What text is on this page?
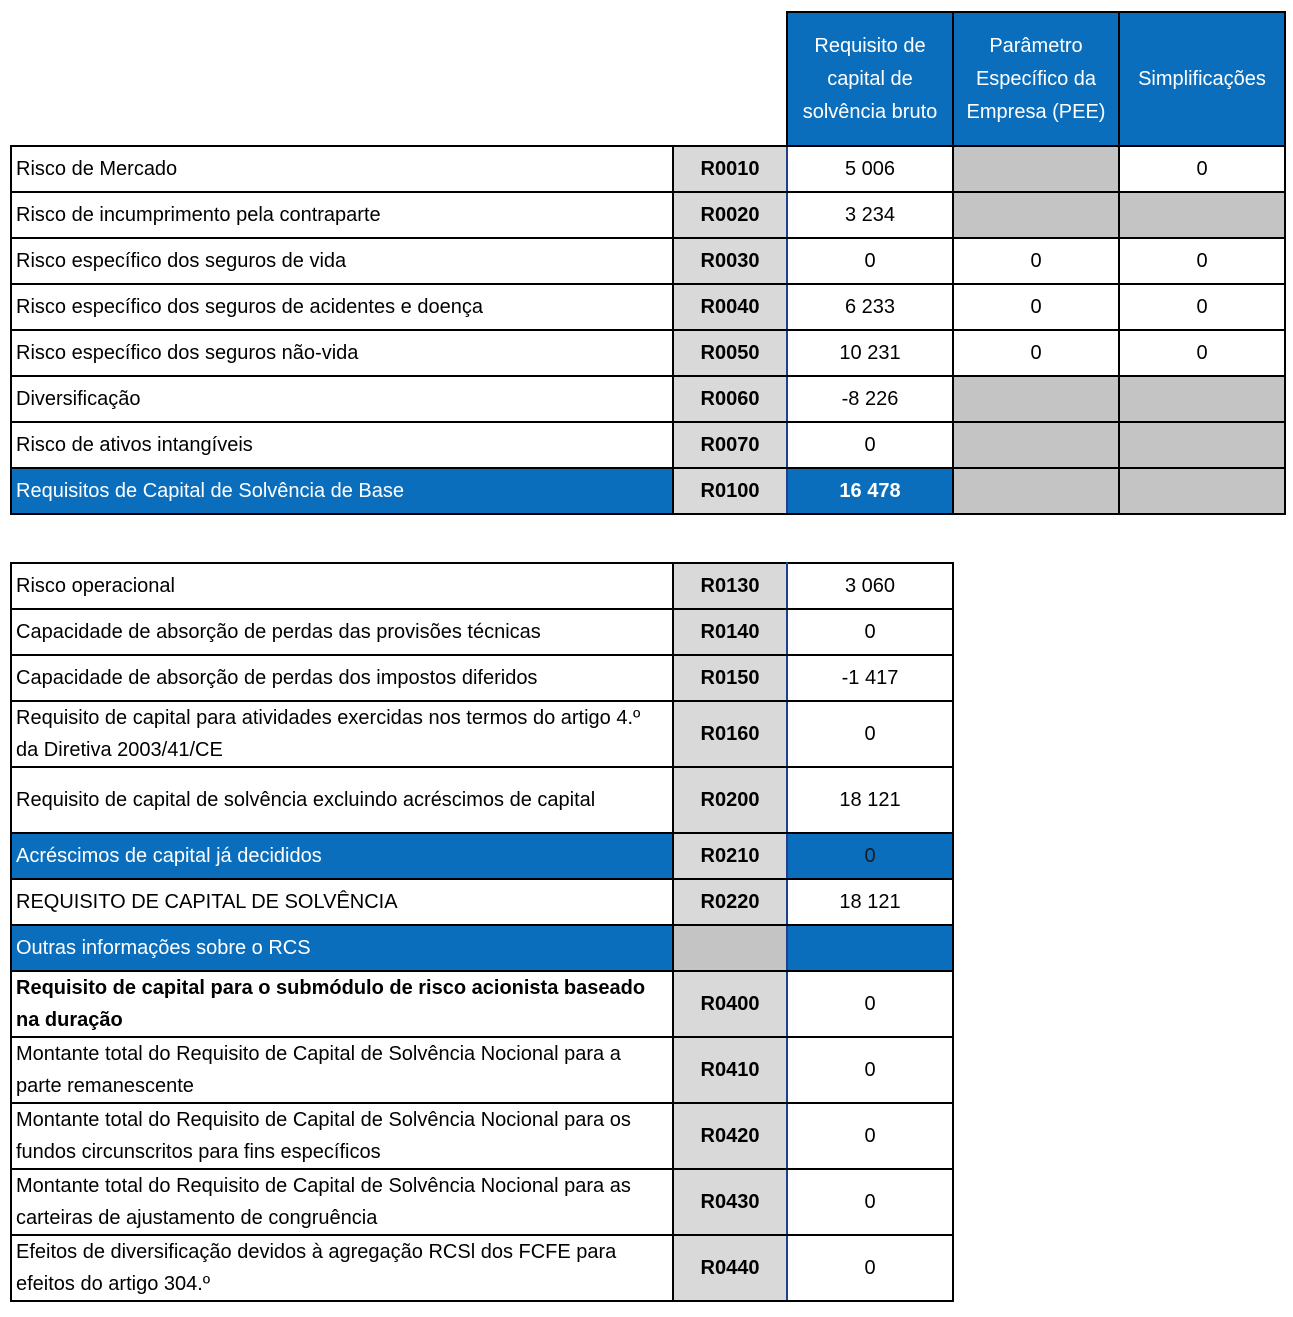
		Requisito de capital de solvência bruto	Parâmetro Específico da Empresa (PEE)	Simplificações
Risco de Mercado	R0010	5 006		0
Risco de incumprimento pela contraparte	R0020	3 234		
Risco específico dos seguros de vida	R0030	0	0	0
Risco específico dos seguros de acidentes e doença	R0040	6 233	0	0
Risco específico dos seguros não-vida	R0050	10 231	0	0
Diversificação	R0060	-8 226		
Risco de ativos intangíveis	R0070	0		
Requisitos de Capital de Solvência de Base	R0100	16 478		
Risco operacional	R0130	3 060
Capacidade de absorção de perdas das provisões técnicas	R0140	0
Capacidade de absorção de perdas dos impostos diferidos	R0150	-1 417
Requisito de capital para atividades exercidas nos termos do artigo 4.º da Diretiva 2003/41/CE	R0160	0
Requisito de capital de solvência excluindo acréscimos de capital	R0200	18 121
Acréscimos de capital já decididos	R0210	0
REQUISITO DE CAPITAL DE SOLVÊNCIA	R0220	18 121
Outras informações sobre o RCS		
Requisito de capital para o submódulo de risco acionista baseado na duração	R0400	0
Montante total do Requisito de Capital de Solvência Nocional para a parte remanescente	R0410	0
Montante total do Requisito de Capital de Solvência Nocional para os fundos circunscritos para fins específicos	R0420	0
Montante total do Requisito de Capital de Solvência Nocional para as carteiras de ajustamento de congruência	R0430	0
Efeitos de diversificação devidos à agregação RCSl dos FCFE para efeitos do artigo 304.º	R0440	0
